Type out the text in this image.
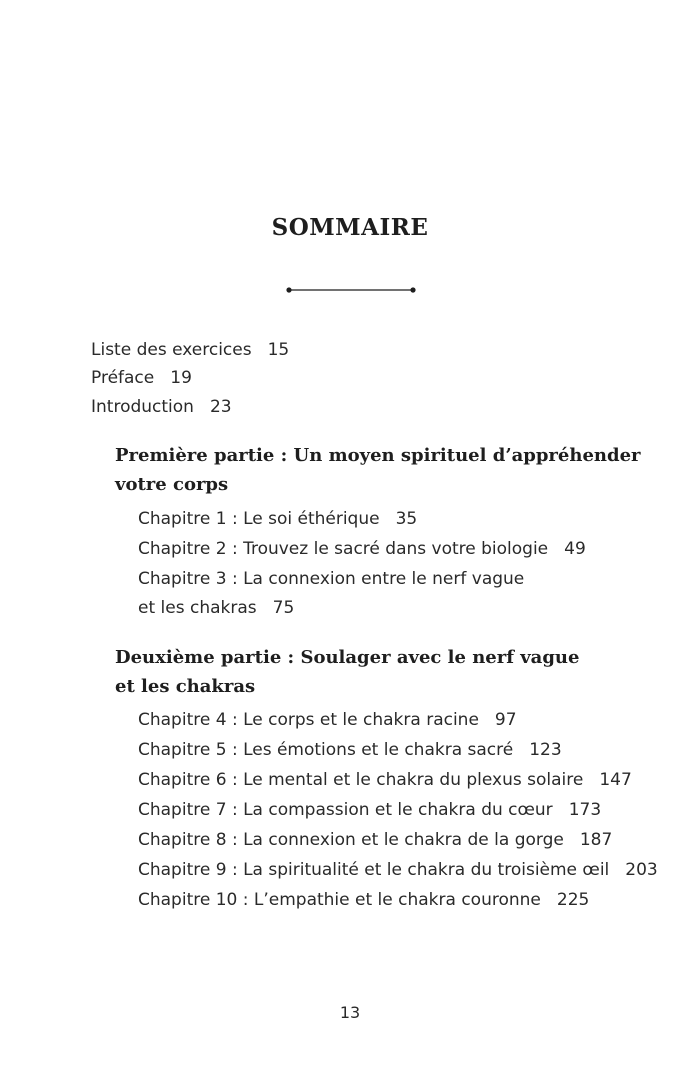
SOMMAIRE
Liste des exercices 15
Préface 19
Introduction 23
Première partie : Un moyen spirituel d’appréhender
votre corps
Chapitre 1 : Le soi éthérique 35
Chapitre 2 : Trouvez le sacré dans votre biologie 49
Chapitre 3 : La connexion entre le nerf vague
et les chakras 75
Deuxième partie : Soulager avec le nerf vague
et les chakras
Chapitre 4 : Le corps et le chakra racine 97
Chapitre 5 : Les émotions et le chakra sacré 123
Chapitre 6 : Le mental et le chakra du plexus solaire 147
Chapitre 7 : La compassion et le chakra du cœur 173
Chapitre 8 : La connexion et le chakra de la gorge 187
Chapitre 9 : La spiritualité et le chakra du troisième œil 203
Chapitre 10 : L’empathie et le chakra couronne 225
13
